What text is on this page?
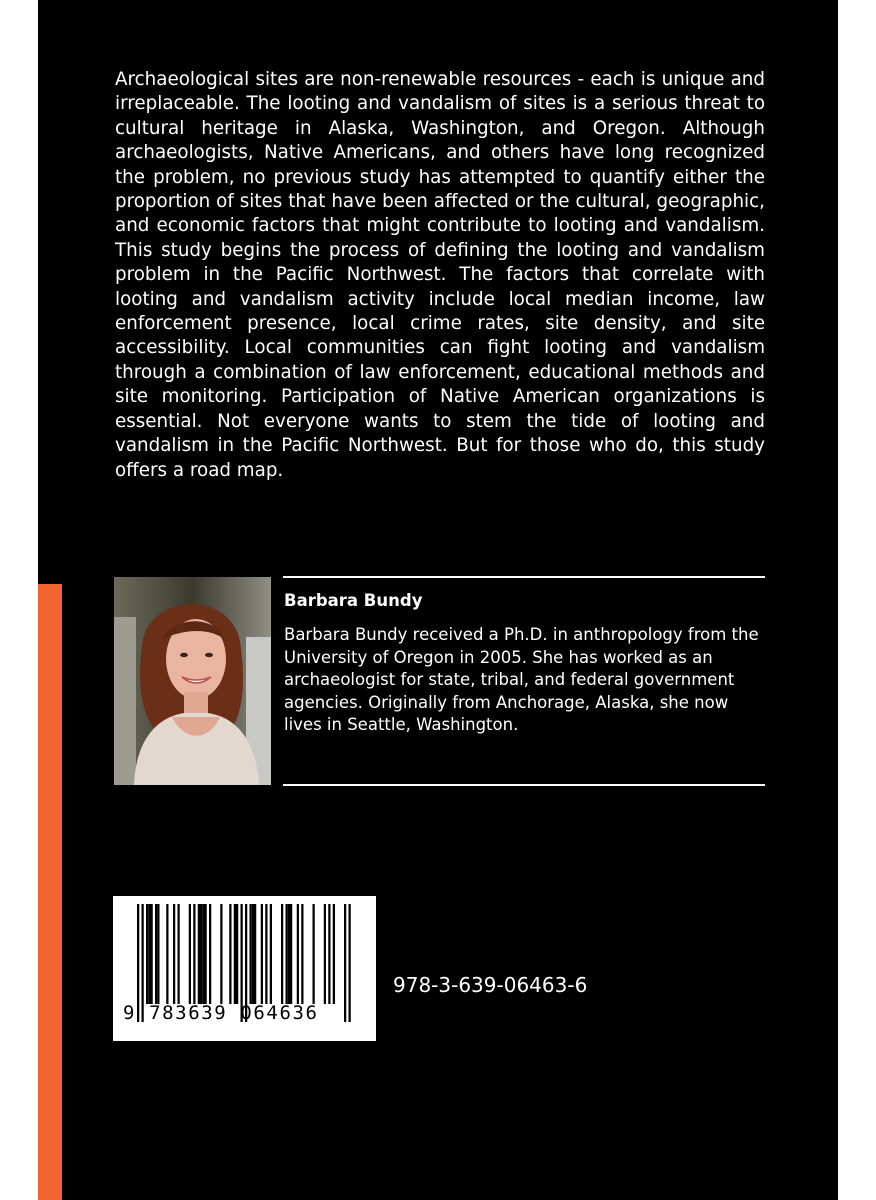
Archaeological sites are non-renewable resources - each is unique and irreplaceable. The looting and vandalism of sites is a serious threat to cultural heritage in Alaska, Washington, and Oregon. Although archaeologists, Native Americans, and others have long recognized the problem, no previous study has attempted to quantify either the proportion of sites that have been affected or the cultural, geographic, and economic factors that might contribute to looting and vandalism. This study begins the process of defining the looting and vandalism problem in the Pacific Northwest. The factors that correlate with looting and vandalism activity include local median income, law enforcement presence, local crime rates, site density, and site accessibility. Local communities can fight looting and vandalism through a combination of law enforcement, educational methods and site monitoring. Participation of Native American organizations is essential. Not everyone wants to stem the tide of looting and vandalism in the Pacific Northwest. But for those who do, this study offers a road map.

Barbara Bundy

Barbara Bundy received a Ph.D. in anthropology from the University of Oregon in 2005. She has worked as an archaeologist for state, tribal, and federal government agencies. Originally from Anchorage, Alaska, she now lives in Seattle, Washington.

9 783639 064636
978-3-639-06463-6
